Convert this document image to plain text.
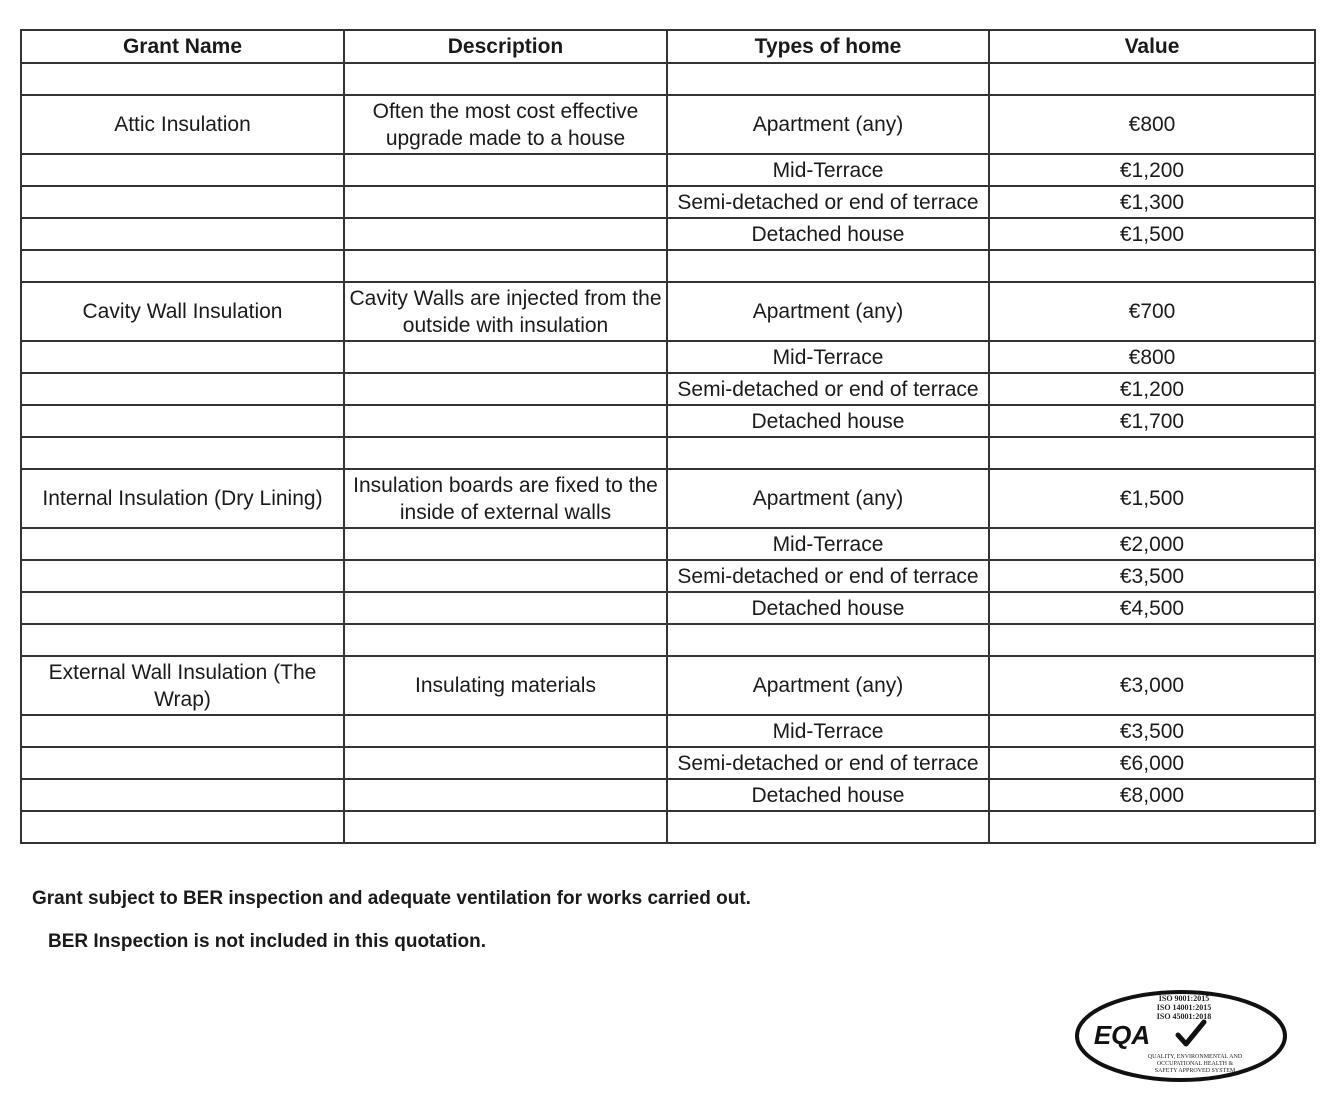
Grant Name	Description	Types of home	Value

Attic Insulation	Often the most cost effective upgrade made to a house	Apartment (any)	€800
		Mid-Terrace	€1,200
		Semi-detached or end of terrace	€1,300
		Detached house	€1,500

Cavity Wall Insulation	Cavity Walls are injected from the outside with insulation	Apartment (any)	€700
		Mid-Terrace	€800
		Semi-detached or end of terrace	€1,200
		Detached house	€1,700

Internal Insulation (Dry Lining)	Insulation boards are fixed to the inside of external walls	Apartment (any)	€1,500
		Mid-Terrace	€2,000
		Semi-detached or end of terrace	€3,500
		Detached house	€4,500

External Wall Insulation (The Wrap)	Insulating materials	Apartment (any)	€3,000
		Mid-Terrace	€3,500
		Semi-detached or end of terrace	€6,000
		Detached house	€8,000

Grant subject to BER inspection and adequate ventilation for works carried out.
BER Inspection is not included in this quotation.
ISO 9001:2015
ISO 14001:2015
ISO 45001:2018
EQA
QUALITY, ENVIRONMENTAL AND
OCCUPATIONAL HEALTH &
SAFETY APPROVED SYSTEM
